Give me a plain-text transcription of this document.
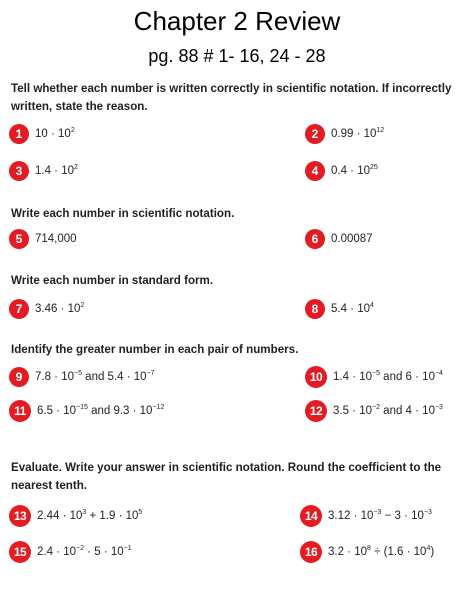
Chapter 2 Review
pg. 88 # 1- 16, 24 - 28
Tell whether each number is written correctly in scientific notation. If incorrectly written, state the reason.
Write each number in scientific notation.
Write each number in standard form.
Identify the greater number in each pair of numbers.
Evaluate. Write your answer in scientific notation. Round the coefficient to the nearest tenth.
1	$10 \cdot 10^2$	2	$0.99 \cdot 10^{12}$
3	$1.4 \cdot 10^2$	4	$0.4 \cdot 10^{25}$
5	714,000	6	0.00087
7	$3.46 \cdot 10^2$	8	$5.4 \cdot 10^4$
9	$7.8 \cdot 10^{-5}$ and $5.4 \cdot 10^{-7}$	10 $1.4 \cdot 10^{-5}$ and $6 \cdot 10^{-4}$
11 $6.5 \cdot 10^{-15}$ and $9.3 \cdot 10^{-12}$	12 $3.5 \cdot 10^{-2}$ and $4 \cdot 10^{-3}$
13 $2.44 \cdot 10^3 + 1.9 \cdot 10^5$	14 $3.12 \cdot 10^{-3} - 3 \cdot 10^{-3}$
15 $2.4 \cdot 10^{-2} \cdot 5 \cdot 10^{-1}$	16 $3.2 \cdot 10^8 \div (1.6 \cdot 10^4)$
